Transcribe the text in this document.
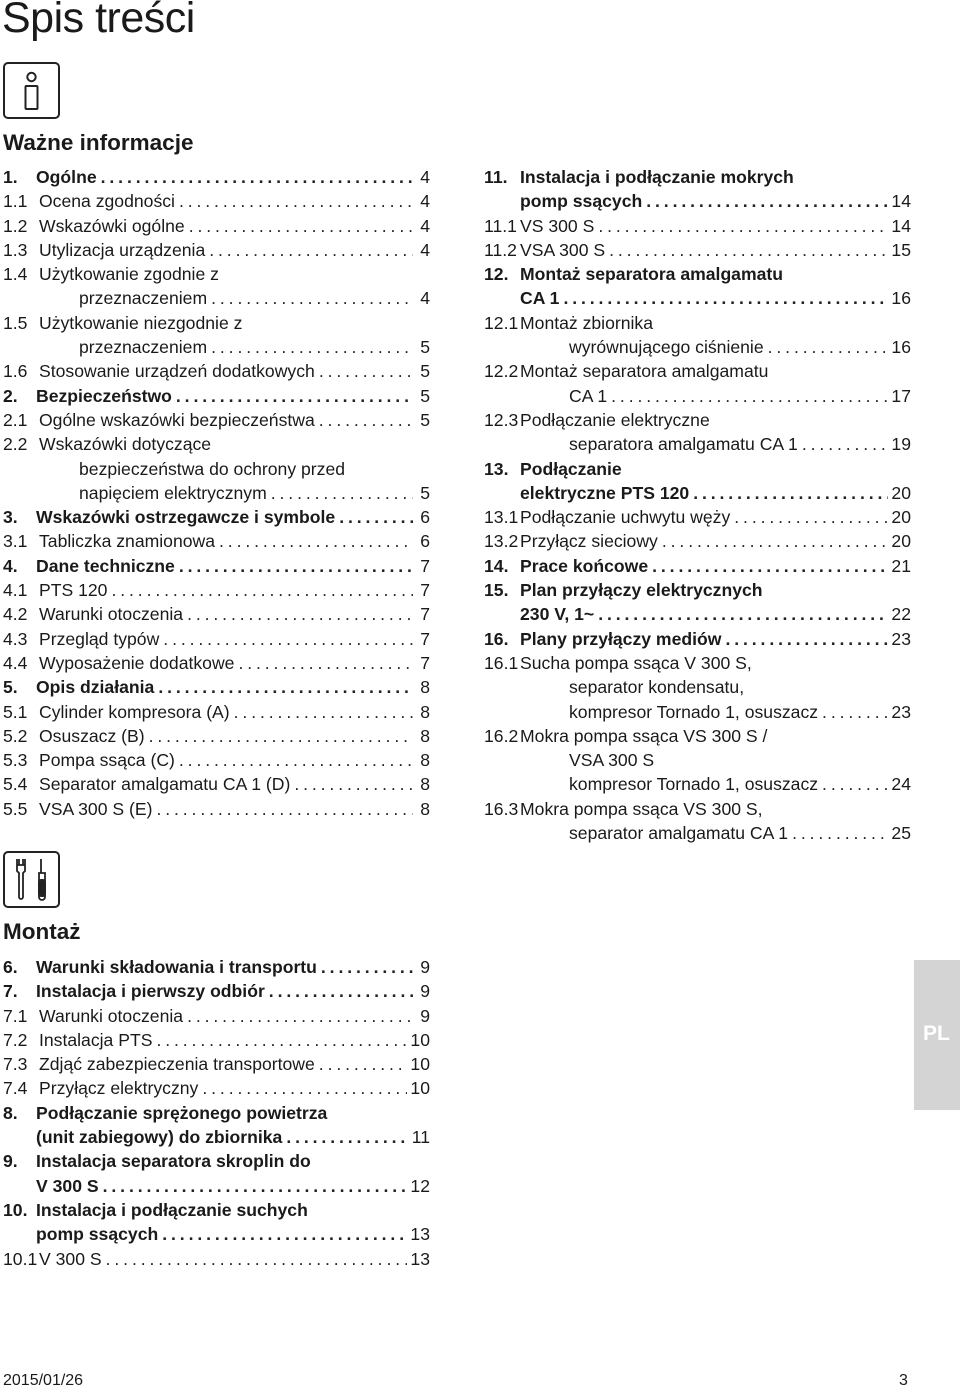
Spis treści
Ważne informacje
1.	Ogólne . . .	4
1.1 Ocena zgodności . . .	4
1.2 Wskazówki ogólne . . .	4
1.3 Utylizacja urządzenia . . .	4
1.4 Użytkowanie zgodnie z
przeznaczeniem . . .	4
1.5 Użytkowanie niezgodnie z
przeznaczeniem . . .	5
1.6 Stosowanie urządzeń dodatkowych . . .	5
2.	Bezpieczeństwo . . .	5
2.1 Ogólne wskazówki bezpieczeństwa . . .	5
2.2 Wskazówki dotyczące
bezpieczeństwa do ochrony przed
napięciem elektrycznym . . .	5
3.	Wskazówki ostrzegawcze i symbole . . .	6
3.1 Tabliczka znamionowa . . .	6
4.	Dane techniczne . . .	7
4.1 PTS 120 . . .	7
4.2 Warunki otoczenia . . .	7
4.3 Przegląd typów . . .	7
4.4 Wyposażenie dodatkowe . . .	7
5.	Opis działania . . .	8
5.1 Cylinder kompresora (A) . . .	8
5.2 Osuszacz (B) . . .	8
5.3 Pompa ssąca (C) . . .	8
5.4 Separator amalgamatu CA 1 (D) . . .	8
5.5 VSA 300 S (E) . . .	8
Montaż
6.	Warunki składowania i transportu . . .	9
7.	Instalacja i pierwszy odbiór . . .	9
7.1 Warunki otoczenia . . .	9
7.2 Instalacja PTS . . .	10
7.3 Zdjąć zabezpieczenia transportowe . . .	10
7.4 Przyłącz elektryczny . . .	10
8.	Podłączanie sprężonego powietrza
(unit zabiegowy) do zbiornika . . .	11
9.	Instalacja separatora skroplin do
V 300 S . . .	12
10. Instalacja i podłączanie suchych
pomp ssących . . .	13
10.1 V 300 S . . .	13
11. Instalacja i podłączanie mokrych
pomp ssących . . .	14
11.1 VS 300 S . . .	14
11.2 VSA 300 S . . .	15
12. Montaż separatora amalgamatu
CA 1 . . .	16
12.1 Montaż zbiornika
wyrównującego ciśnienie . . .	16
12.2 Montaż separatora amalgamatu
CA 1 . . .	17
12.3 Podłączanie elektryczne
separatora amalgamatu CA 1 . . .	19
13. Podłączanie
elektryczne PTS 120 . . .	20
13.1 Podłączanie uchwytu węży . . .	20
13.2 Przyłącz sieciowy . . .	20
14. Prace końcowe . . .	21
15. Plan przyłączy elektrycznych
230 V, 1~ . . .	22
16. Plany przyłączy mediów . . .	23
16.1 Sucha pompa ssąca V 300 S,
separator kondensatu,
kompresor Tornado 1, osuszacz . . .	23
16.2 Mokra pompa ssąca VS 300 S /
VSA 300 S
kompresor Tornado 1, osuszacz . . .	24
16.3 Mokra pompa ssąca VS 300 S,
separator amalgamatu CA 1 . . .	25
PL
2015/01/26	3
